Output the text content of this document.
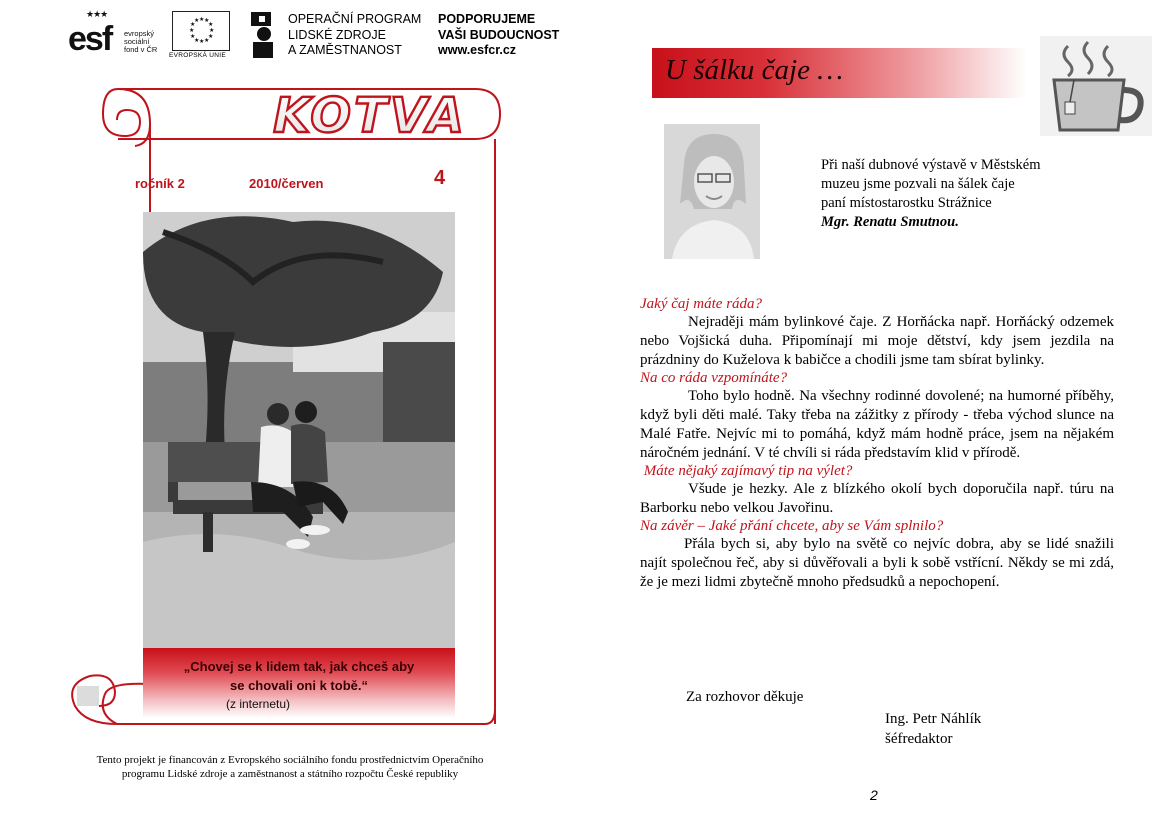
★★★
esf evropský
sociální
fond v ČR
★ ★
★
★
★
★
★
★
★
★
★
★
EVROPSKÁ UNIE
OPERAČNÍ PROGRAM
LIDSKÉ ZDROJE
A ZAMĚSTNANOST
PODPORUJEME
VAŠI BUDOUCNOST
www.esfcr.cz
KOTVA
ročník 2	2010/červen	4
„Chovej se k lidem tak, jak chceš aby
se chovali oni k tobě.“
(z internetu)
Tento projekt je financován z Evropského sociálního fondu prostřednictvím Operačního
programu Lidské zdroje a zaměstnanost a státního rozpočtu České republiky
U šálku čaje …
Při naší dubnové výstavě v Městském
muzeu jsme pozvali na šálek čaje
paní místostarostku Strážnice
Mgr. Renatu Smutnou.
Jaký čaj máte ráda?
Nejraději mám bylinkové čaje. Z Horňácka např. Horňácký odzemek nebo Vojšická duha. Připomínají mi moje dětství, kdy jsem jezdila na prázdniny do Kuželova k babičce a chodili jsme tam sbírat bylinky.
Na co ráda vzpomínáte?
Toho bylo hodně. Na všechny rodinné dovolené; na humorné příběhy, když byli děti malé. Taky třeba na zážitky z přírody - třeba východ slunce na Malé Fatře. Nejvíc mi to pomáhá, když mám hodně práce, jsem na nějakém náročném jednání. V té chvíli si ráda představím klid v přírodě.
Máte nějaký zajímavý tip na výlet?
Všude je hezky. Ale z blízkého okolí bych doporučila např. túru na Barborku nebo velkou Javořinu.
Na závěr – Jaké přání chcete, aby se Vám splnilo?
Přála bych si, aby bylo na světě co nejvíc dobra, aby se lidé snažili najít společnou řeč, aby si důvěřovali a byli k sobě vstřícní. Někdy se mi zdá, že je mezi lidmi zbytečně mnoho předsudků a nepochopení.
Za rozhovor děkuje
Ing. Petr Náhlík
šéfredaktor
2
